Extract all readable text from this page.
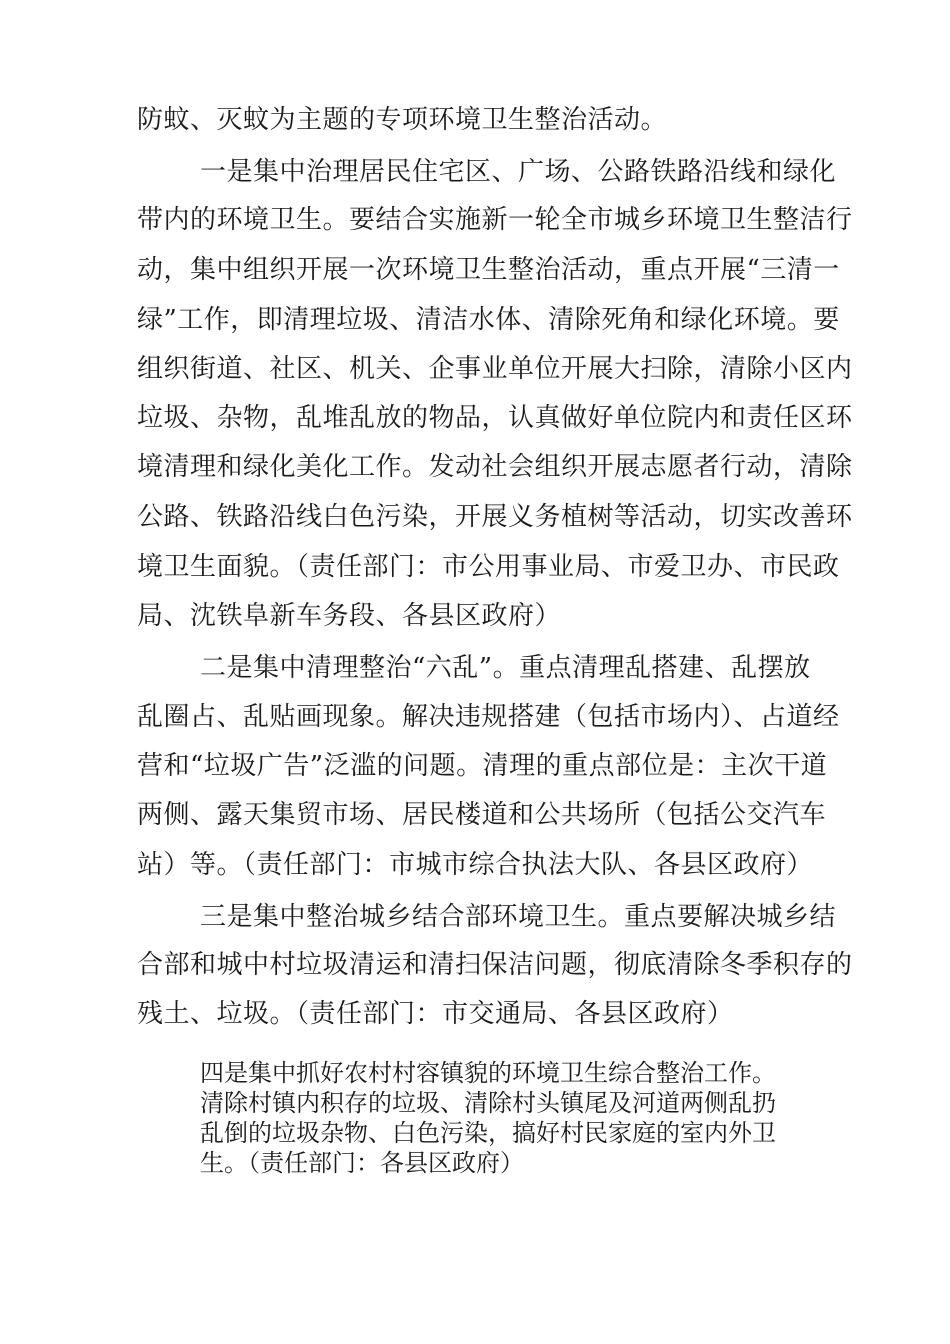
防蚊、灭蚊为主题的专项环境卫生整治活动。
一是集中治理居民住宅区、广场、公路铁路沿线和绿化
带内的环境卫生。要结合实施新一轮全市城乡环境卫生整洁行
动，集中组织开展一次环境卫生整治活动，重点开展“三清一
绿”工作，即清理垃圾、清洁水体、清除死角和绿化环境。要
组织街道、社区、机关、企事业单位开展大扫除，清除小区内
垃圾、杂物，乱堆乱放的物品，认真做好单位院内和责任区环
境清理和绿化美化工作。发动社会组织开展志愿者行动，清除
公路、铁路沿线白色污染，开展义务植树等活动，切实改善环
境卫生面貌。（责任部门：市公用事业局、市爱卫办、市民政
局、沈铁阜新车务段、各县区政府）
二是集中清理整治“六乱”。重点清理乱搭建、乱摆放
乱圈占、乱贴画现象。解决违规搭建（包括市场内）、占道经
营和“垃圾广告”泛滥的问题。清理的重点部位是：主次干道
两侧、露天集贸市场、居民楼道和公共场所（包括公交汽车
站）等。（责任部门：市城市综合执法大队、各县区政府）
三是集中整治城乡结合部环境卫生。重点要解决城乡结
合部和城中村垃圾清运和清扫保洁问题，彻底清除冬季积存的
残土、垃圾。（责任部门：市交通局、各县区政府）
四是集中抓好农村村容镇貌的环境卫生综合整治工作。
清除村镇内积存的垃圾、清除村头镇尾及河道两侧乱扔
乱倒的垃圾杂物、白色污染，搞好村民家庭的室内外卫
生。（责任部门：各县区政府）
